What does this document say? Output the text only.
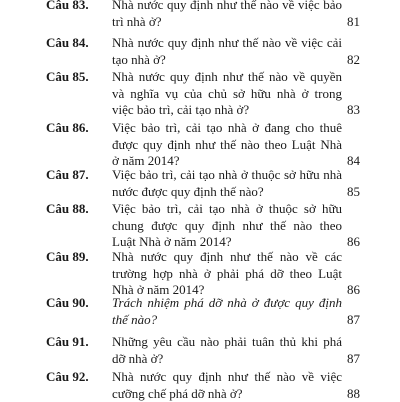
Câu 83. Nhà nước quy định như thế nào về việc bảo
trì nhà ở?	81
Câu 84. Nhà nước quy định như thế nào về việc cải
tạo nhà ở?	82
Câu 85. Nhà nước quy định như thế nào về quyền
và nghĩa vụ của chủ sở hữu nhà ở trong
việc bảo trì, cải tạo nhà ở?	83
Câu 86. Việc bảo trì, cải tạo nhà ở đang cho thuê
được quy định như thế nào theo Luật Nhà
ở năm 2014?	84
Câu 87. Việc bảo trì, cải tạo nhà ở thuộc sở hữu nhà
nước được quy định thế nào?	85
Câu 88. Việc bảo trì, cải tạo nhà ở thuộc sở hữu
chung được quy định như thế nào theo
Luật Nhà ở năm 2014?	86
Câu 89. Nhà nước quy định như thế nào về các
trường hợp nhà ở phải phá dỡ theo Luật
Nhà ở năm 2014?	86
Câu 90. Trách nhiệm phá dỡ nhà ở được quy định
thế nào?	87
Câu 91. Những yêu cầu nào phải tuân thủ khi phá
dỡ nhà ở?	87
Câu 92. Nhà nước quy định như thế nào về việc
cưỡng chế phá dỡ nhà ở?	88
